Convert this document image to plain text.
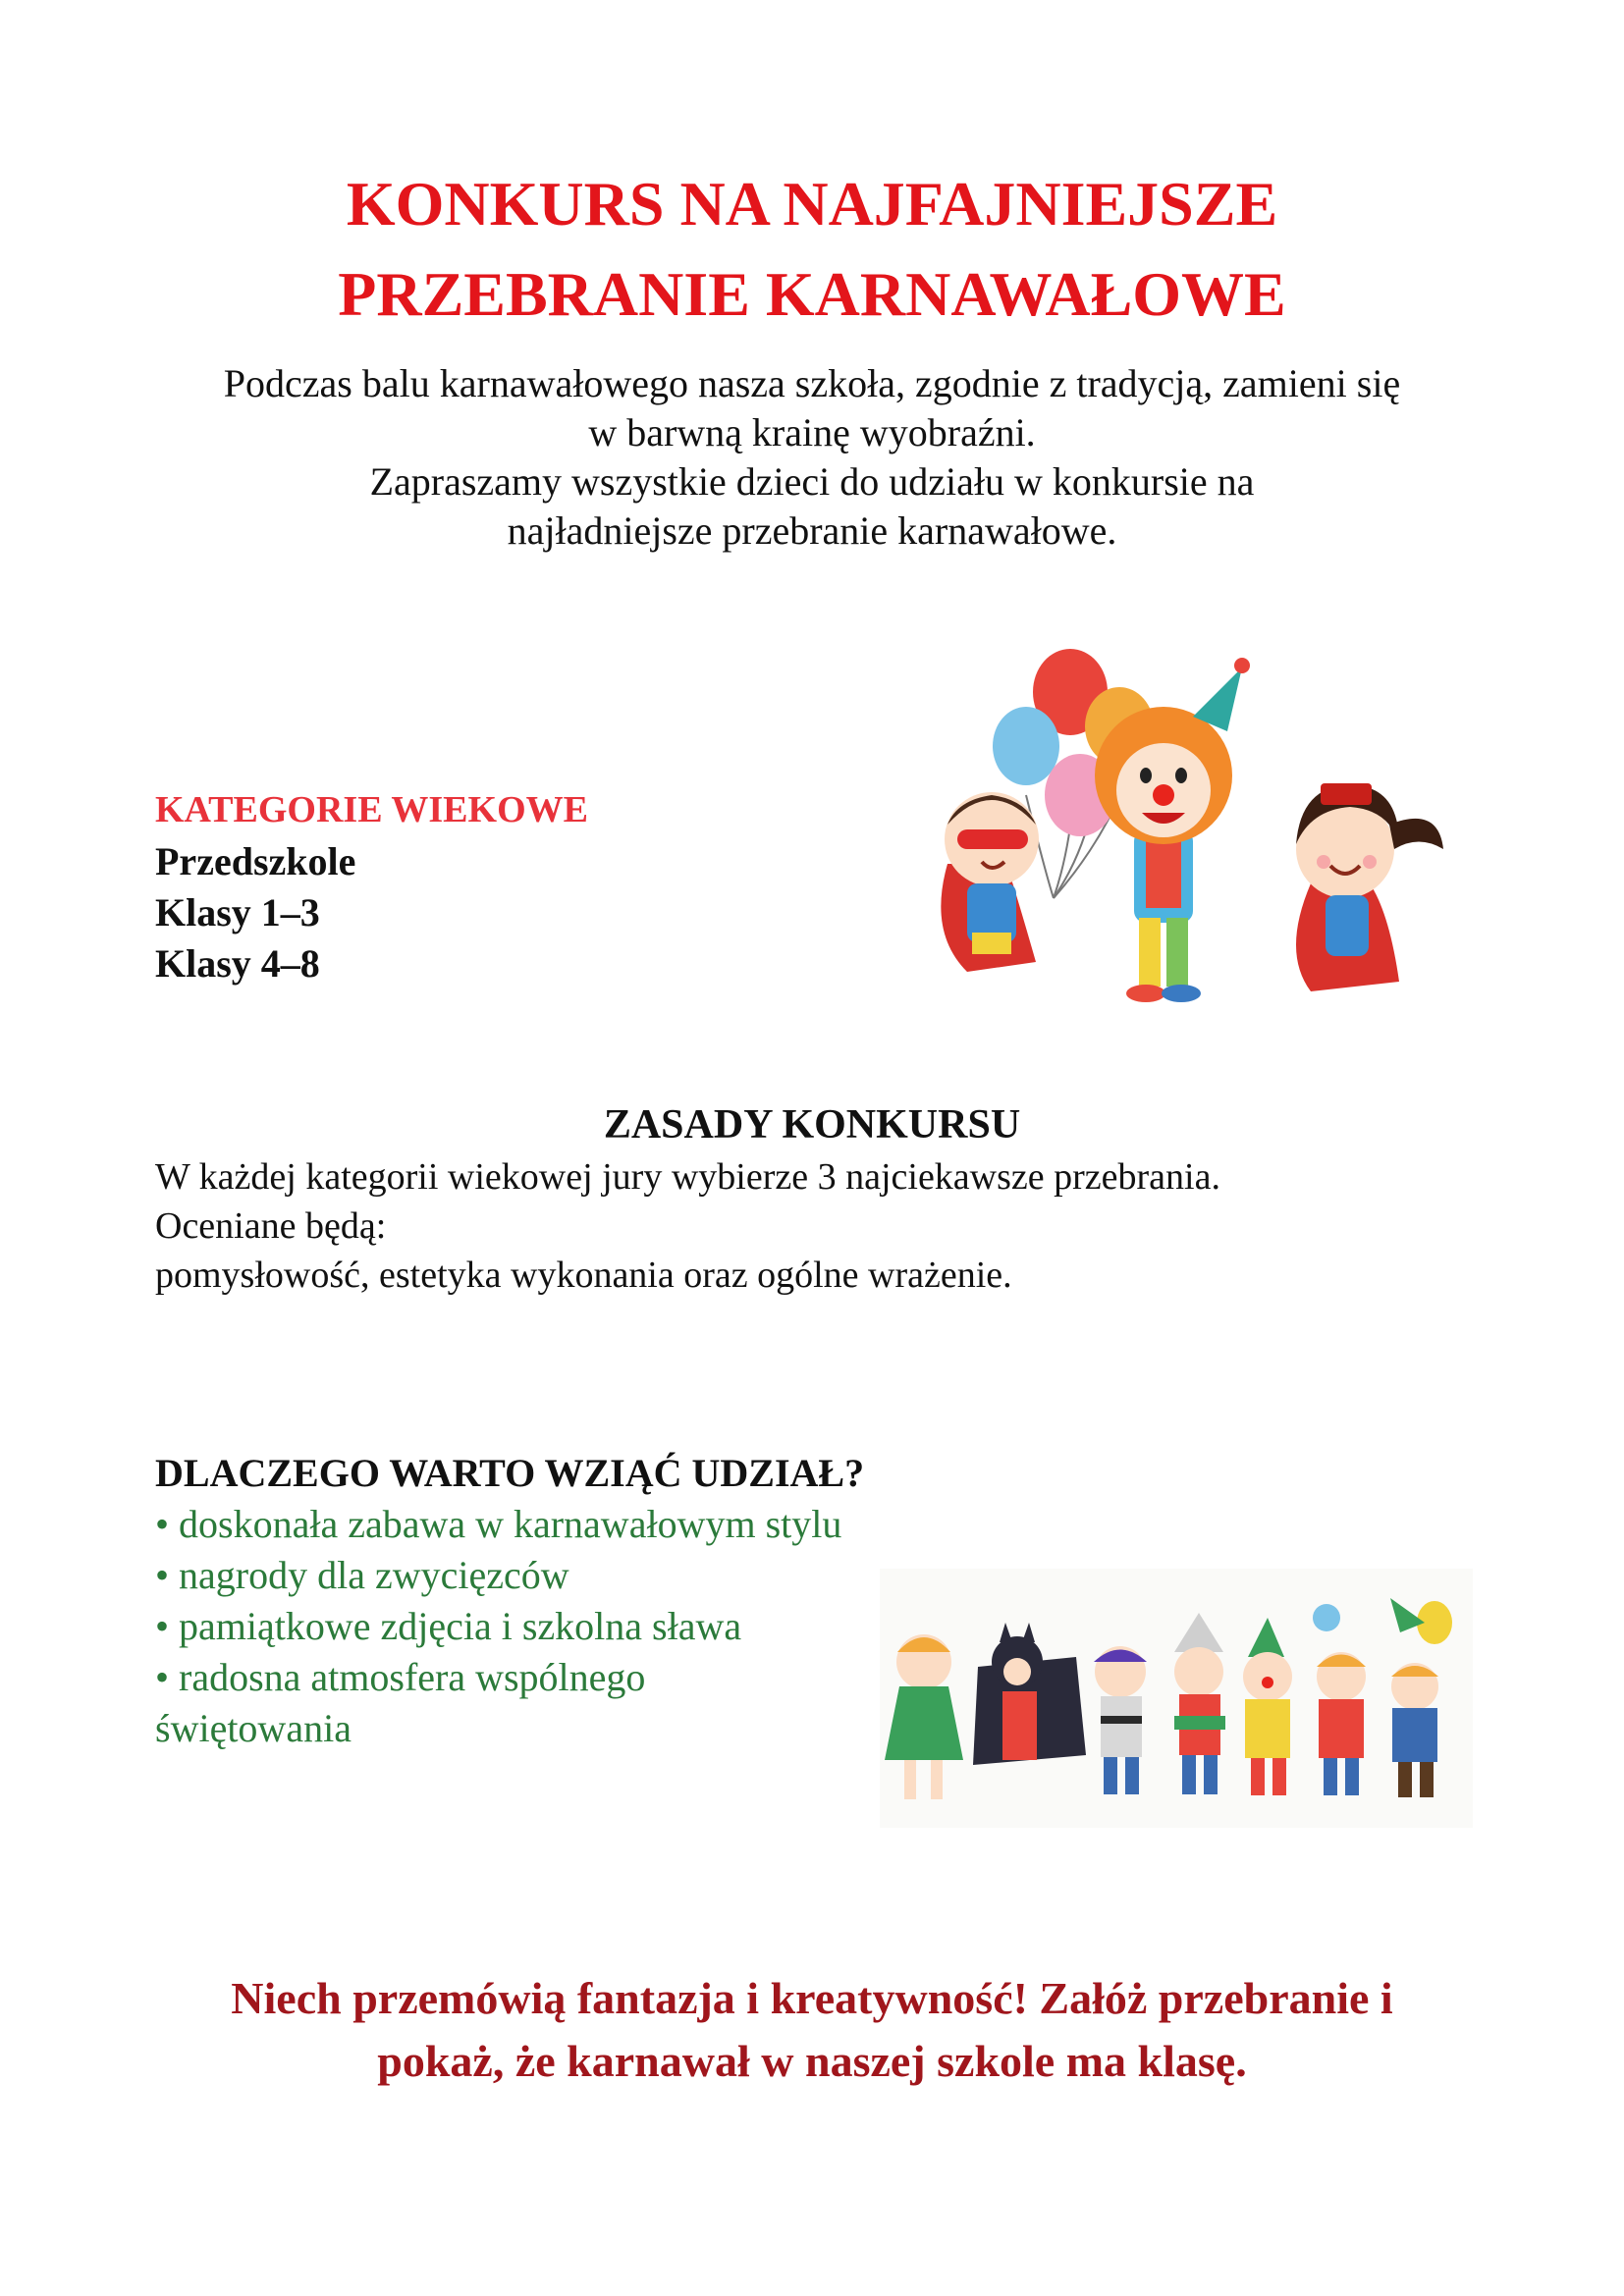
KONKURS NA NAJFAJNIEJSZE
PRZEBRANIE KARNAWAŁOWE
Podczas balu karnawałowego nasza szkoła, zgodnie z tradycją, zamieni się
w barwną krainę wyobraźni.
Zapraszamy wszystkie dzieci do udziału w konkursie na
najładniejsze przebranie karnawałowe.
KATEGORIE WIEKOWE
Przedszkole
Klasy 1–3
Klasy 4–8
ZASADY KONKURSU
W każdej kategorii wiekowej jury wybierze 3 najciekawsze przebrania.
Oceniane będą:
pomysłowość, estetyka wykonania oraz ogólne wrażenie.
DLACZEGO WARTO WZIĄĆ UDZIAŁ?
• doskonała zabawa w karnawałowym stylu
• nagrody dla zwycięzców
• pamiątkowe zdjęcia i szkolna sława
• radosna atmosfera wspólnego
świętowania
Niech przemówią fantazja i kreatywność! Załóż przebranie i
pokaż, że karnawał w naszej szkole ma klasę.
